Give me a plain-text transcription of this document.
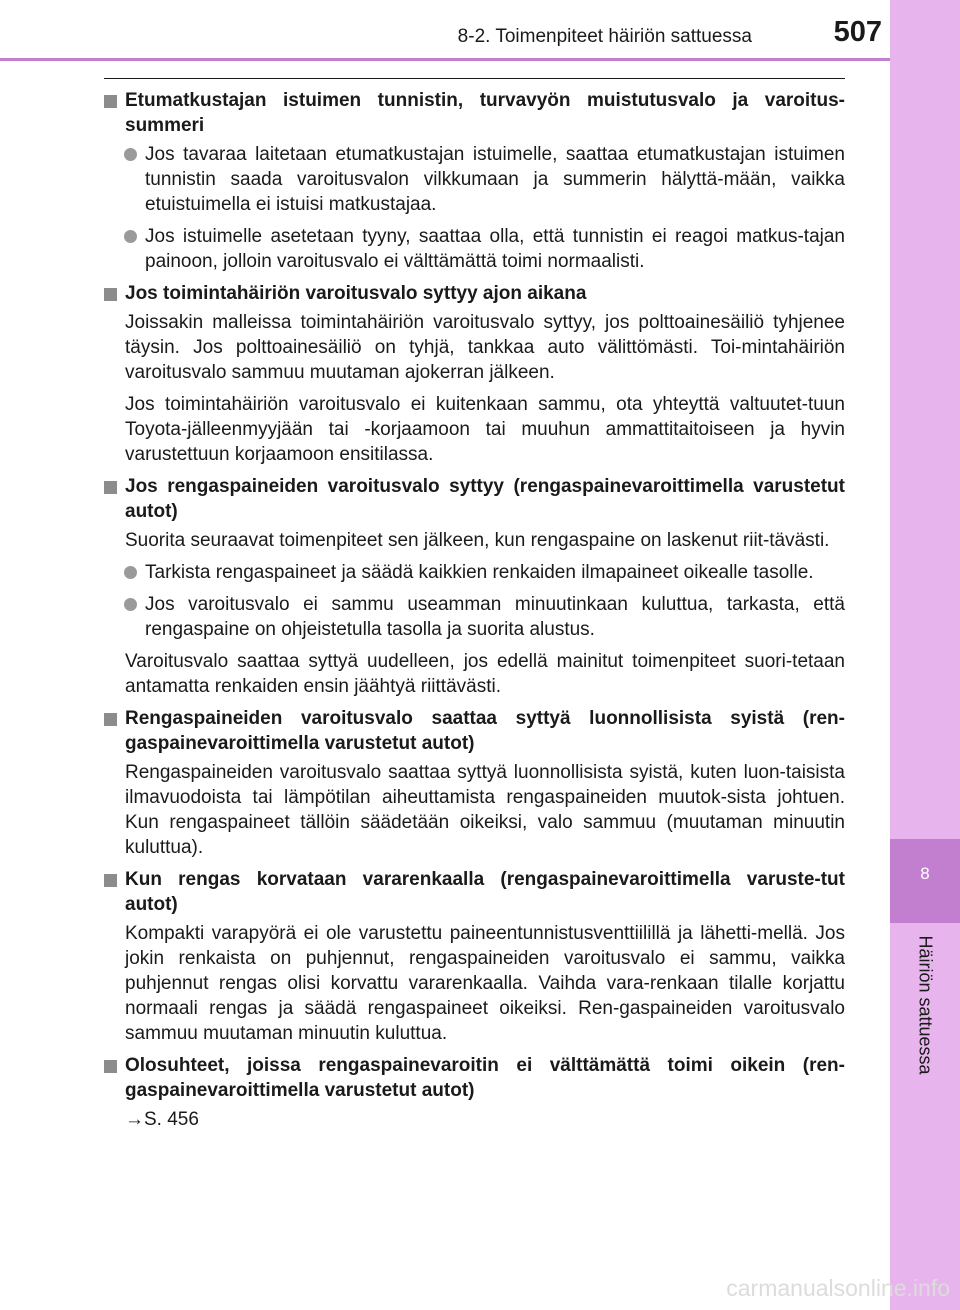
8-2. Toimenpiteet häiriön sattuessa	507
8
Häiriön sattuessa
Etumatkustajan istuimen tunnistin, turvavyön muistutusvalo ja varoitus-summeri
Jos tavaraa laitetaan etumatkustajan istuimelle, saattaa etumatkustajan istuimen tunnistin saada varoitusvalon vilkkumaan ja summerin hälyttä-mään, vaikka etuistuimella ei istuisi matkustajaa.
Jos istuimelle asetetaan tyyny, saattaa olla, että tunnistin ei reagoi matkus-tajan painoon, jolloin varoitusvalo ei välttämättä toimi normaalisti.
Jos toimintahäiriön varoitusvalo syttyy ajon aikana
Joissakin malleissa toimintahäiriön varoitusvalo syttyy, jos polttoainesäiliö tyhjenee täysin. Jos polttoainesäiliö on tyhjä, tankkaa auto välittömästi. Toi-mintahäiriön varoitusvalo sammuu muutaman ajokerran jälkeen.
Jos toimintahäiriön varoitusvalo ei kuitenkaan sammu, ota yhteyttä valtuutet-tuun Toyota-jälleenmyyjään tai -korjaamoon tai muuhun ammattitaitoiseen ja hyvin varustettuun korjaamoon ensitilassa.
Jos rengaspaineiden varoitusvalo syttyy (rengaspainevaroittimella varustetut autot)
Suorita seuraavat toimenpiteet sen jälkeen, kun rengaspaine on laskenut riit-tävästi.
Tarkista rengaspaineet ja säädä kaikkien renkaiden ilmapaineet oikealle tasolle.
Jos varoitusvalo ei sammu useamman minuutinkaan kuluttua, tarkasta, että rengaspaine on ohjeistetulla tasolla ja suorita alustus.
Varoitusvalo saattaa syttyä uudelleen, jos edellä mainitut toimenpiteet suori-tetaan antamatta renkaiden ensin jäähtyä riittävästi.
Rengaspaineiden varoitusvalo saattaa syttyä luonnollisista syistä (ren-gaspainevaroittimella varustetut autot)
Rengaspaineiden varoitusvalo saattaa syttyä luonnollisista syistä, kuten luon-taisista ilmavuodoista tai lämpötilan aiheuttamista rengaspaineiden muutok-sista johtuen. Kun rengaspaineet tällöin säädetään oikeiksi, valo sammuu (muutaman minuutin kuluttua).
Kun rengas korvataan vararenkaalla (rengaspainevaroittimella varuste-tut autot)
Kompakti varapyörä ei ole varustettu paineentunnistusventtiilillä ja lähetti-mellä. Jos jokin renkaista on puhjennut, rengaspaineiden varoitusvalo ei sammu, vaikka puhjennut rengas olisi korvattu vararenkaalla. Vaihda vara-renkaan tilalle korjattu normaali rengas ja säädä rengaspaineet oikeiksi. Ren-gaspaineiden varoitusvalo sammuu muutaman minuutin kuluttua.
Olosuhteet, joissa rengaspainevaroitin ei välttämättä toimi oikein (ren-gaspainevaroittimella varustetut autot)
→S. 456
carmanualsonline.info
